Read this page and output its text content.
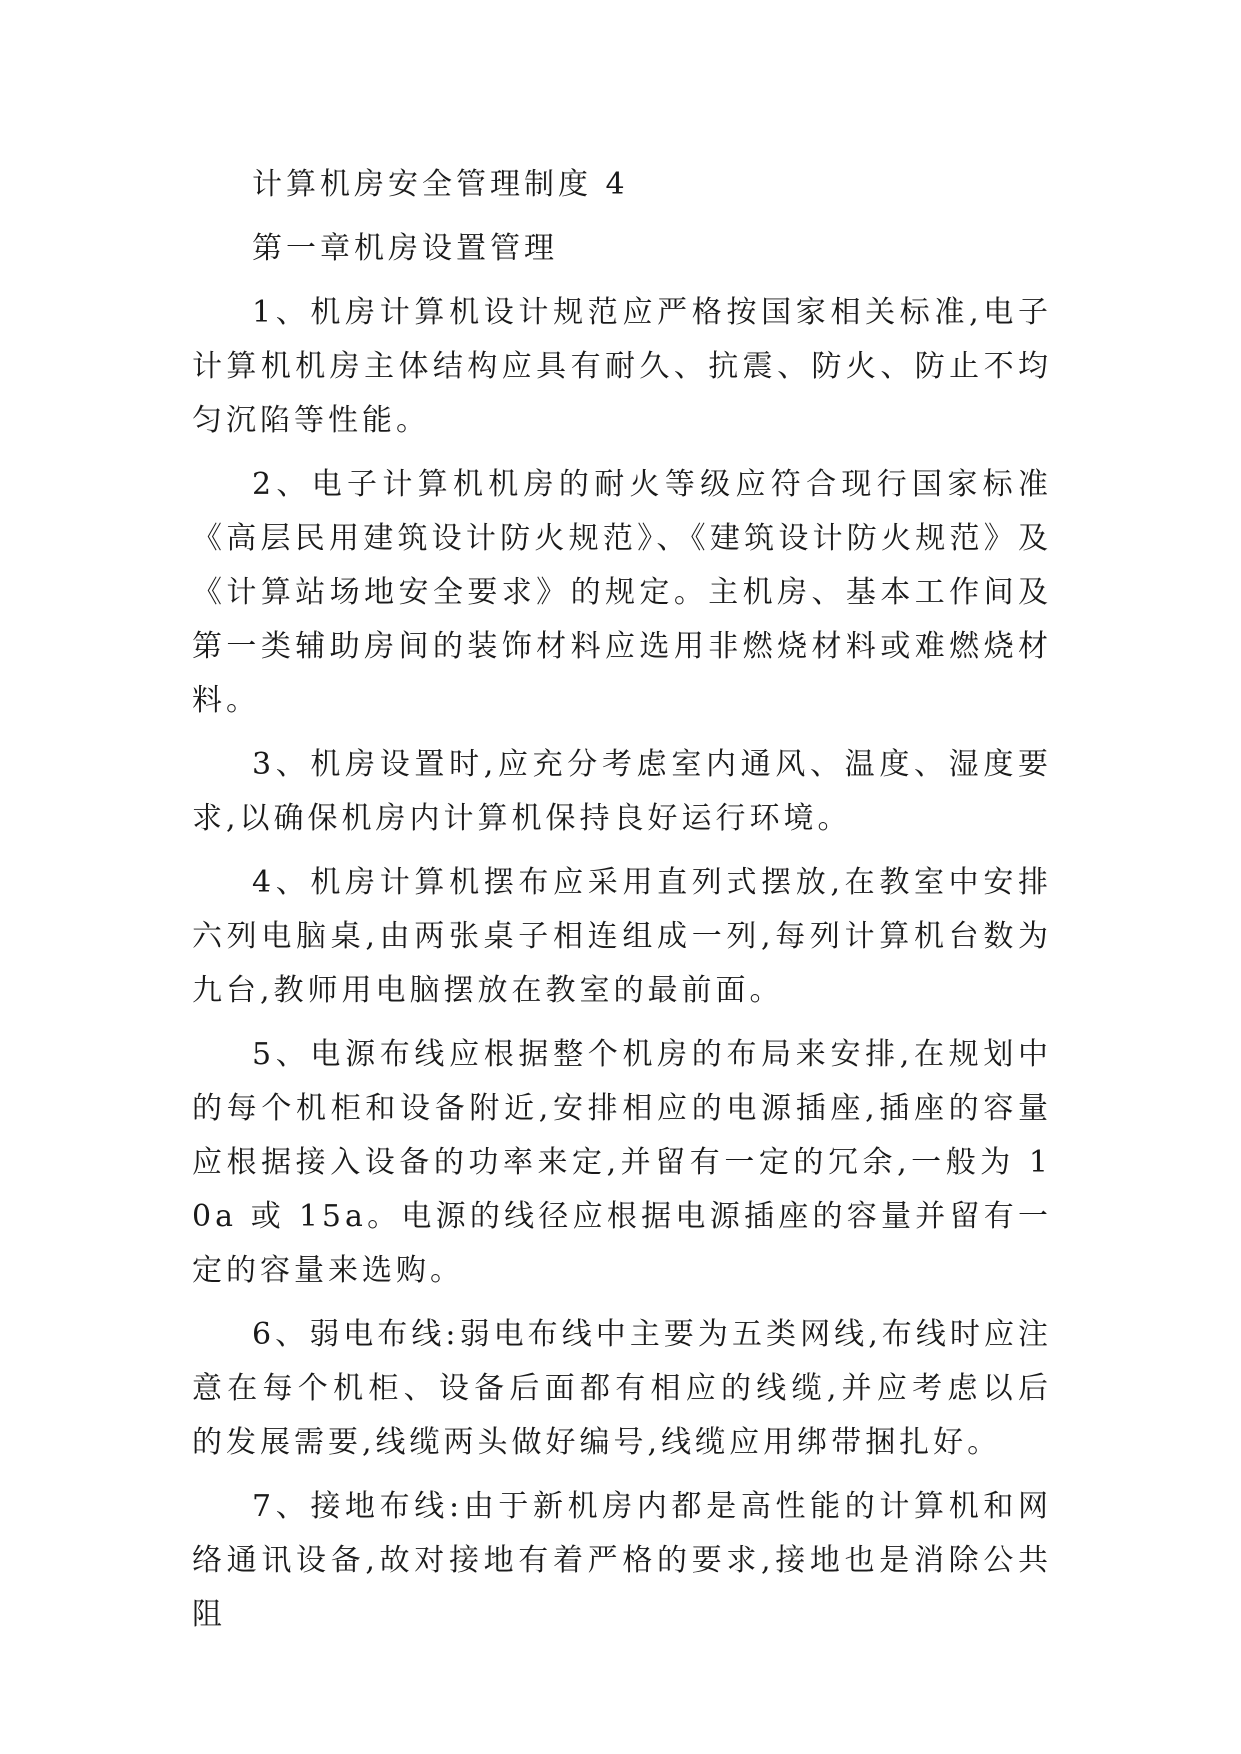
计算机房安全管理制度 4

第一章机房设置管理

1、机房计算机设计规范应严格按国家相关标准,电子计算机机房主体结构应具有耐久、抗震、防火、防止不均匀沉陷等性能。

2、电子计算机机房的耐火等级应符合现行国家标准《高层民用建筑设计防火规范》、《建筑设计防火规范》及《计算站场地安全要求》的规定。主机房、基本工作间及第一类辅助房间的装饰材料应选用非燃烧材料或难燃烧材料。

3、机房设置时,应充分考虑室内通风、温度、湿度要求,以确保机房内计算机保持良好运行环境。

4、机房计算机摆布应采用直列式摆放,在教室中安排六列电脑桌,由两张桌子相连组成一列,每列计算机台数为九台,教师用电脑摆放在教室的最前面。

5、电源布线应根据整个机房的布局来安排,在规划中的每个机柜和设备附近,安排相应的电源插座,插座的容量应根据接入设备的功率来定,并留有一定的冗余,一般为 10a 或 15a。电源的线径应根据电源插座的容量并留有一定的容量来选购。

6、弱电布线:弱电布线中主要为五类网线,布线时应注意在每个机柜、设备后面都有相应的线缆,并应考虑以后的发展需要,线缆两头做好编号,线缆应用绑带捆扎好。

7、接地布线:由于新机房内都是高性能的计算机和网络通讯设备,故对接地有着严格的要求,接地也是消除公共阻
